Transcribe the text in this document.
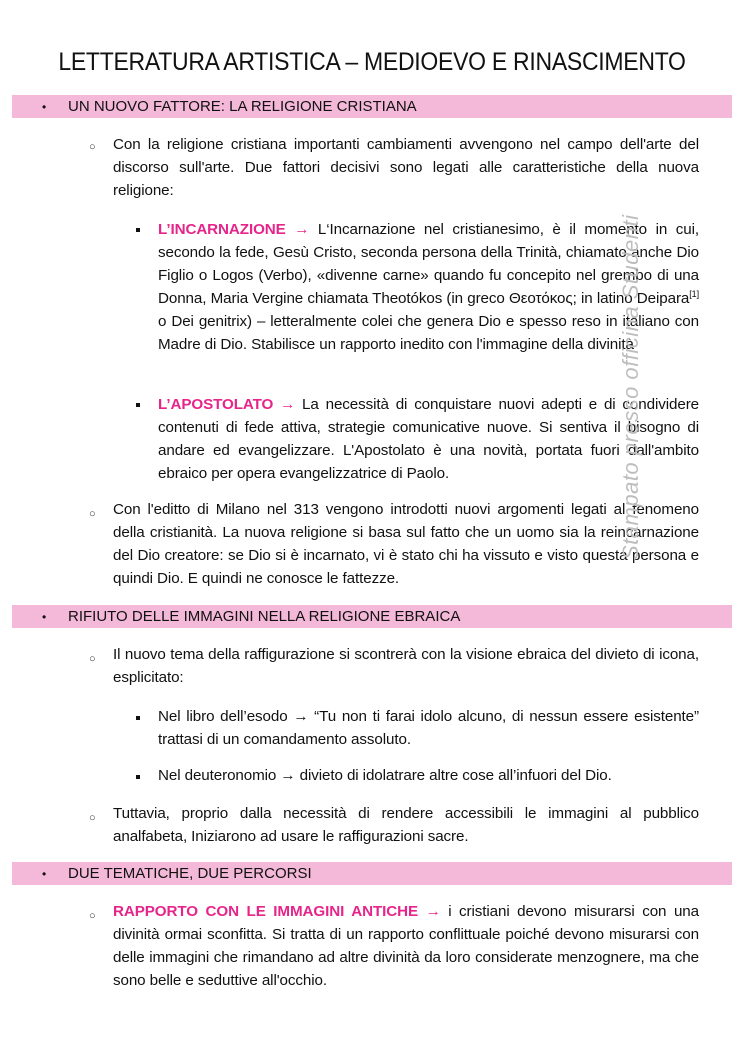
LETTERATURA ARTISTICA – MEDIOEVO E RINASCIMENTO
• UN NUOVO FATTORE: LA RELIGIONE CRISTIANA
○ Con la religione cristiana importanti cambiamenti avvengono nel campo dell'arte del discorso sull'arte. Due fattori decisivi sono legati alle caratteristiche della nuova religione:
L’INCARNAZIONE → L‘Incarnazione nel cristianesimo, è il momento in cui, secondo la fede, Gesù Cristo, seconda persona della Trinità, chiamato anche Dio Figlio o Logos (Verbo), «divenne carne» quando fu concepito nel grembo di una Donna, Maria Vergine chiamata Theotókos (in greco Θεοτόκος; in latino Deipara[1] o Dei genitrix) – letteralmente colei che genera Dio e spesso reso in italiano con Madre di Dio. Stabilisce un rapporto inedito con l'immagine della divinità
L’APOSTOLATO → La necessità di conquistare nuovi adepti e di condividere contenuti di fede attiva, strategie comunicative nuove. Si sentiva il bisogno di andare ed evangelizzare. L'Apostolato è una novità, portata fuori dall'ambito ebraico per opera evangelizzatrice di Paolo.
○ Con l'editto di Milano nel 313 vengono introdotti nuovi argomenti legati al fenomeno della cristianità. La nuova religione si basa sul fatto che un uomo sia la reincarnazione del Dio creatore: se Dio si è incarnato, vi è stato chi ha vissuto e visto questa persona e quindi Dio. E quindi ne conosce le fattezze.
• RIFIUTO DELLE IMMAGINI NELLA RELIGIONE EBRAICA
○ Il nuovo tema della raffigurazione si scontrerà con la visione ebraica del divieto di icona, esplicitato:
Nel libro dell’esodo → “Tu non ti farai idolo alcuno, di nessun essere esistente” trattasi di un comandamento assoluto.
Nel deuteronomio → divieto di idolatrare altre cose all’infuori del Dio.
○ Tuttavia, proprio dalla necessità di rendere accessibili le immagini al pubblico analfabeta, Iniziarono ad usare le raffigurazioni sacre.
• DUE TEMATICHE, DUE PERCORSI
○ RAPPORTO CON LE IMMAGINI ANTICHE → i cristiani devono misurarsi con una divinità ormai sconfitta. Si tratta di un rapporto conflittuale poiché devono misurarsi con delle immagini che rimandano ad altre divinità da loro considerate menzognere, ma che sono belle e seduttive all'occhio.
Stampato presso officina Studenti
